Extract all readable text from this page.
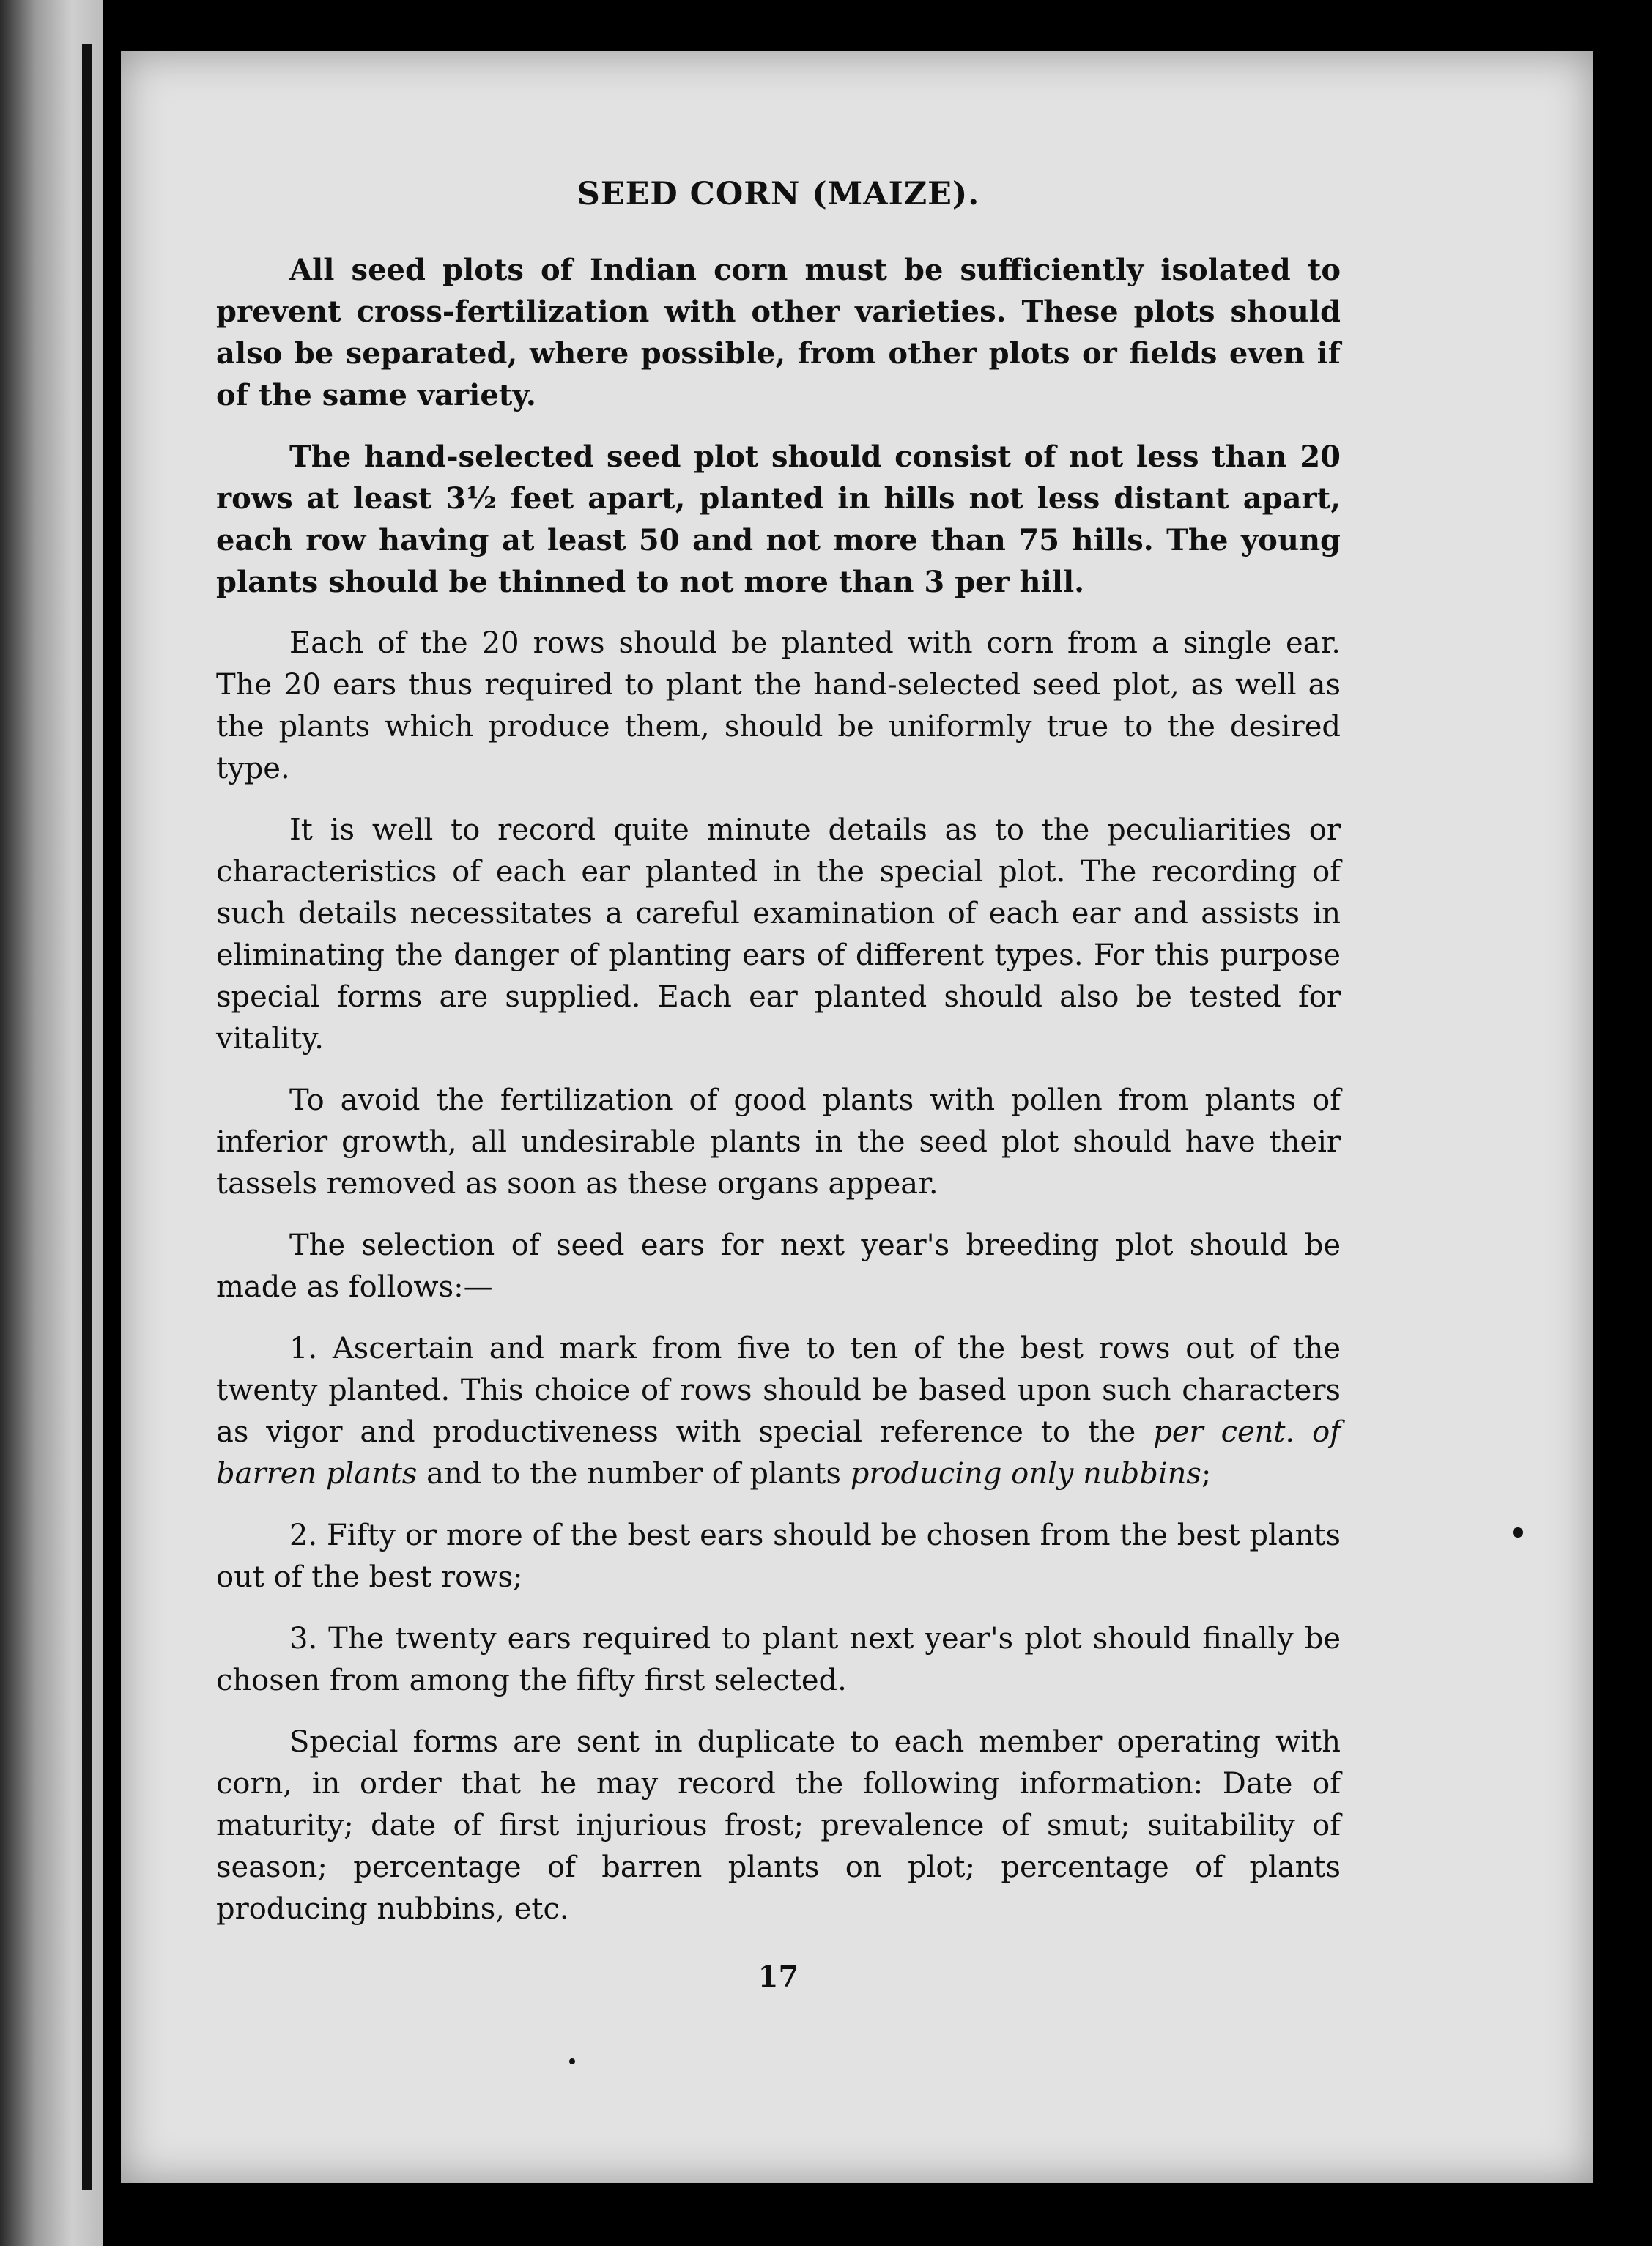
SEED CORN (MAIZE).

All seed plots of Indian corn must be sufficiently isolated to prevent cross-fertilization with other varieties. These plots should also be separated, where possible, from other plots or fields even if of the same variety.

The hand-selected seed plot should consist of not less than 20 rows at least 3½ feet apart, planted in hills not less distant apart, each row having at least 50 and not more than 75 hills. The young plants should be thinned to not more than 3 per hill.

Each of the 20 rows should be planted with corn from a single ear. The 20 ears thus required to plant the hand-selected seed plot, as well as the plants which produce them, should be uniformly true to the desired type.

It is well to record quite minute details as to the peculiarities or characteristics of each ear planted in the special plot. The recording of such details necessitates a careful examination of each ear and assists in eliminating the danger of planting ears of different types. For this purpose special forms are supplied. Each ear planted should also be tested for vitality.

To avoid the fertilization of good plants with pollen from plants of inferior growth, all undesirable plants in the seed plot should have their tassels removed as soon as these organs appear.

The selection of seed ears for next year's breeding plot should be made as follows:—

1. Ascertain and mark from five to ten of the best rows out of the twenty planted. This choice of rows should be based upon such characters as vigor and productiveness with special reference to the per cent. of barren plants and to the number of plants producing only nubbins;

2. Fifty or more of the best ears should be chosen from the best plants out of the best rows;

3. The twenty ears required to plant next year's plot should finally be chosen from among the fifty first selected.

Special forms are sent in duplicate to each member operating with corn, in order that he may record the following information: Date of maturity; date of first injurious frost; prevalence of smut; suitability of season; percentage of barren plants on plot; percentage of plants producing nubbins, etc.

17
